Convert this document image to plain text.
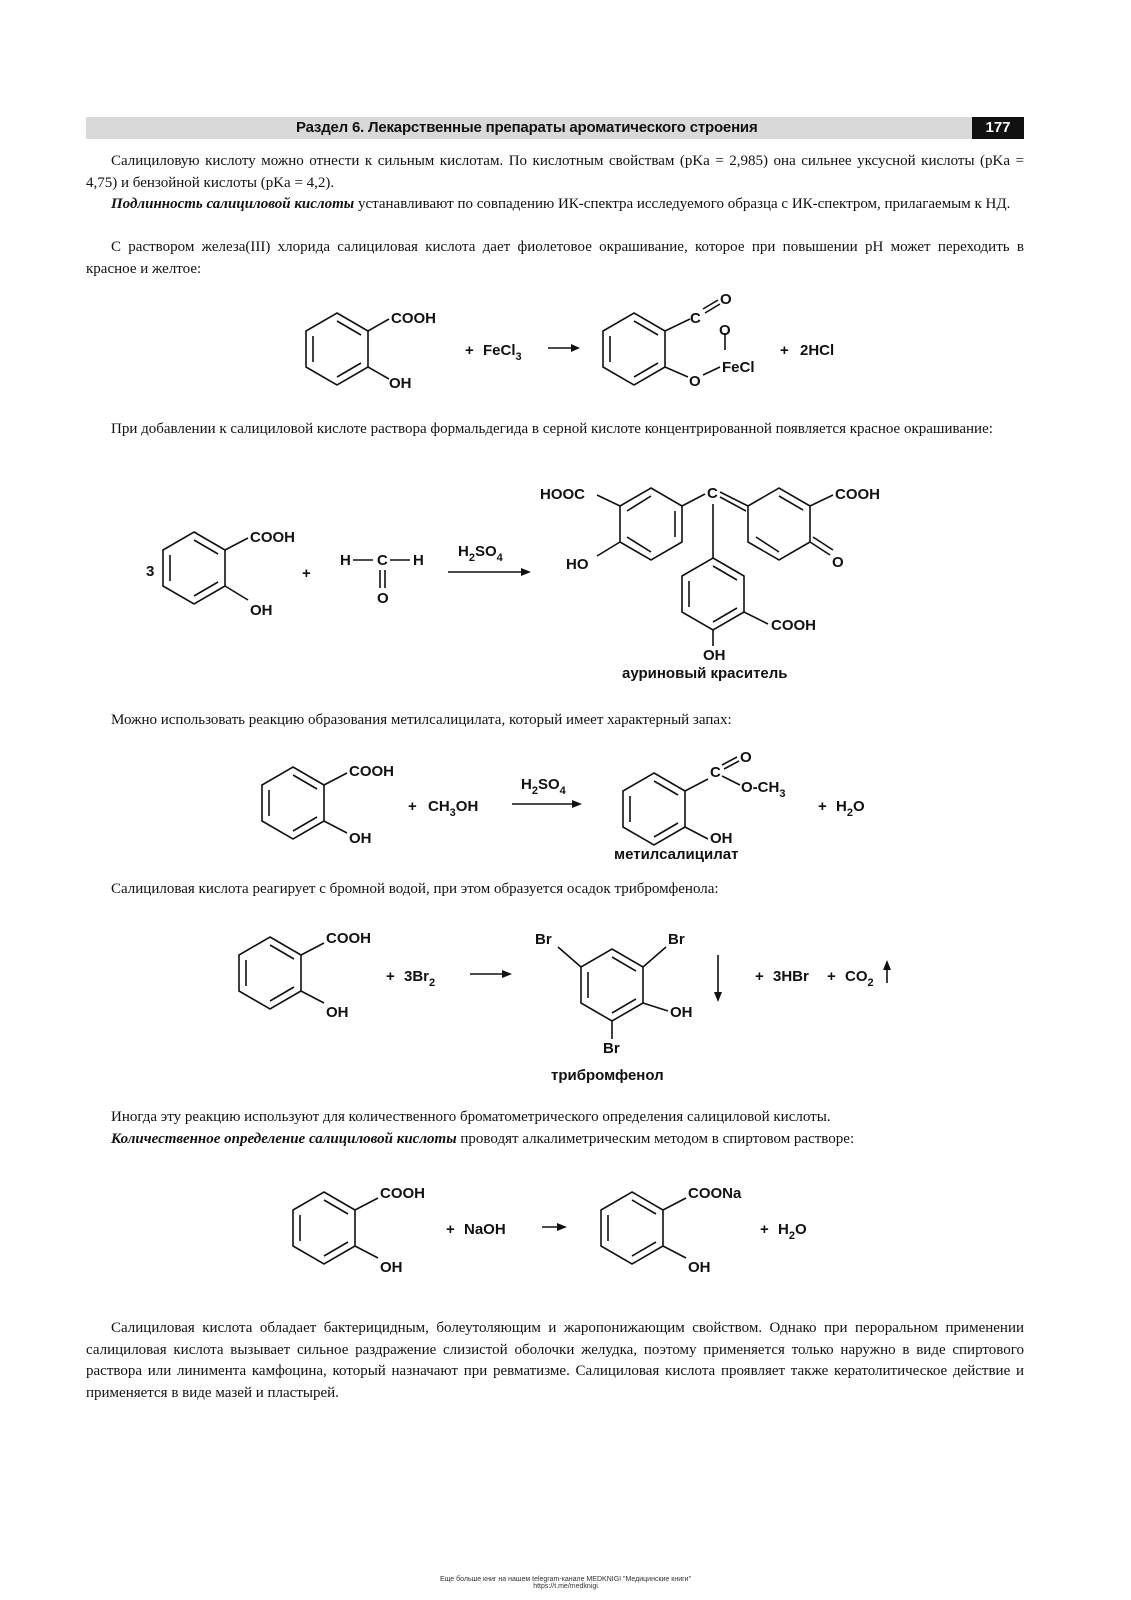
Раздел 6. Лекарственные препараты ароматического строения	177

Салициловую кислоту можно отнести к сильным кислотам. По кислотным свойствам (pKa = 2,985) она сильнее уксусной кислоты (pKa = 4,75) и бензойной кислоты (pKa = 4,2).

Подлинность салициловой кислоты устанавливают по совпадению ИК-спектра исследуемого образца с ИК-спектром, прилагаемым к НД.

С раствором железа(III) хлорида салициловая кислота дает фиолетовое окрашивание, которое при повышении pH может переходить в красное и желтое:

COOH
OH
+ FeCl$_3$
O
C
O
O
FeCl
+ 2HCl

При добавлении к салициловой кислоте раствора формальдегида в серной кислоте концентрированной появляется красное окрашивание:

3
COOH
OH
+
H C H
O
$H_2SO_4$
HOOC
HO
C	COOH
O
COOH
OH
ауриновый краситель

Можно использовать реакцию образования метилсалицилата, который имеет характерный запах:

COOH
OH
+ $CH_3OH$
$H_2SO_4$
C
O
$O-CH_3$
OH
метилсалицилат
+ $H_2O$

Салициловая кислота реагирует с бромной водой, при этом образуется осадок трибромфенола:

COOH
OH
+ $3Br_2$
Br	Br
OH
Br
трибромфенол
+ $3HBr + CO_2$

Иногда эту реакцию используют для количественного броматометрического определения салициловой кислоты.

Количественное определение салициловой кислоты проводят алкалиметрическим методом в спиртовом растворе:

COOH
OH
+ NaOH
COONa
OH
+ $H_2O$

Салициловая кислота обладает бактерицидным, болеутоляющим и жаропонижающим свойством. Однако при пероральном применении салициловая кислота вызывает сильное раздражение слизистой оболочки желудка, поэтому применяется только наружно в виде спиртового раствора или линимента камфоцина, который назначают при ревматизме. Салициловая кислота проявляет также кератолитическое действие и применяется в виде мазей и пластырей.

Еще больше книг на нашем telegram-канале MEDKNIGI "Медицинские книги"
https://t.me/medknigi
